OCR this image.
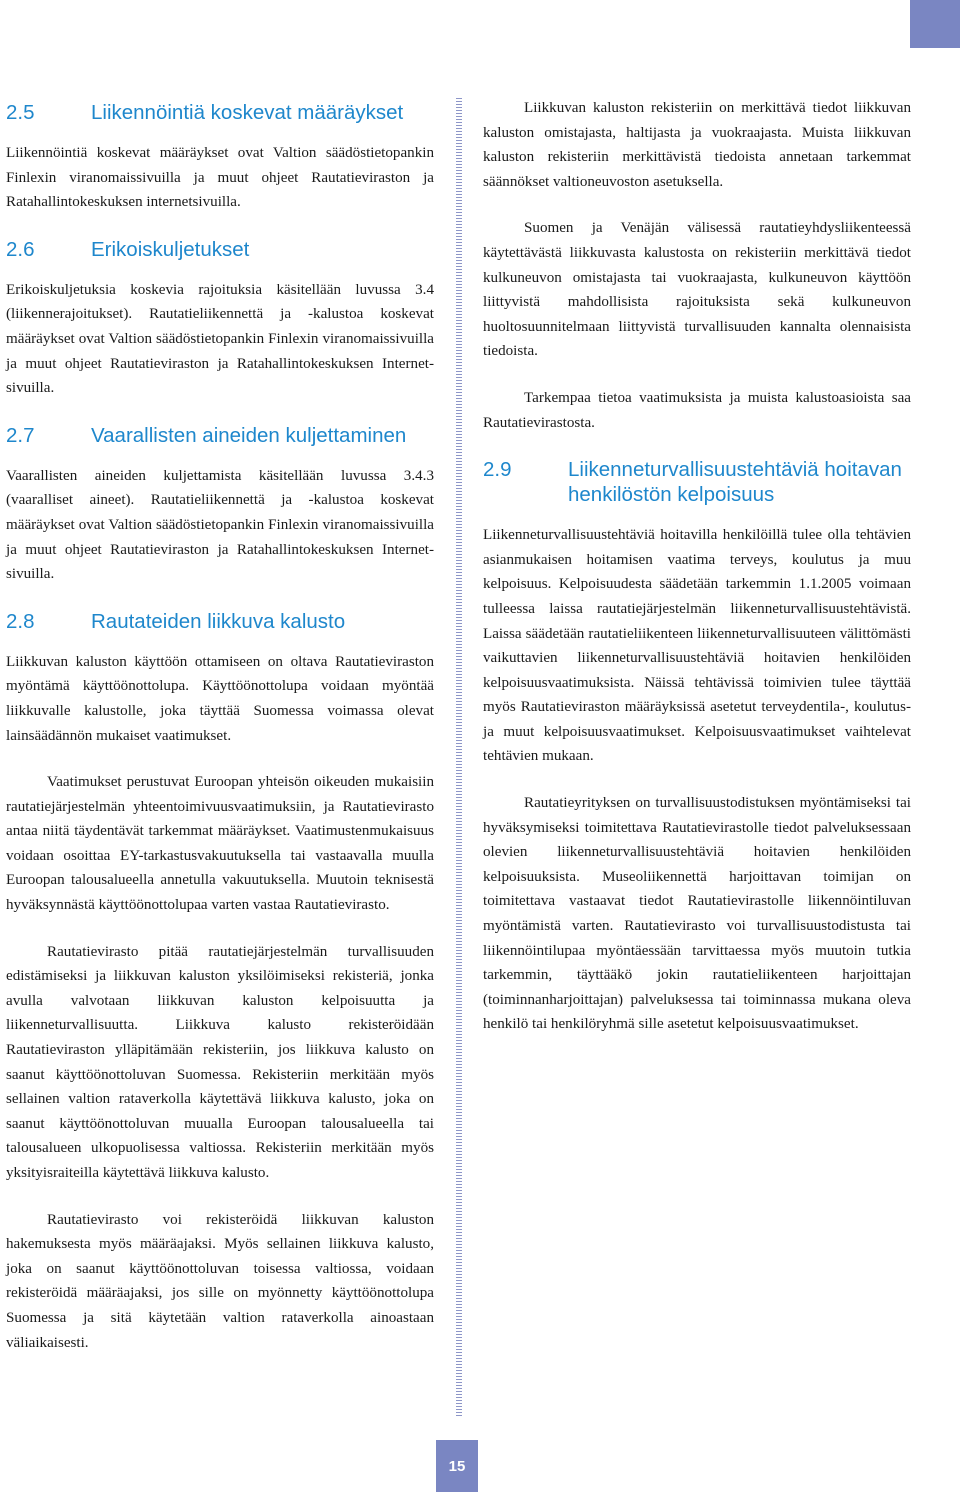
2.5	Liikennöintiä koskevat määräykset

Liikennöintiä koskevat määräykset ovat Valtion säädöstietopankin Finlexin viranomaissivuilla ja muut ohjeet Rautatieviraston ja Ratahallintokeskuksen internetsivuilla.

2.6	Erikoiskuljetukset

Erikoiskuljetuksia koskevia rajoituksia käsitellään luvussa 3.4 (liikennerajoitukset). Rautatieliikennettä ja -kalustoa koskevat määräykset ovat Valtion säädöstietopankin Finlexin viranomaissivuilla ja muut ohjeet Rautatieviraston ja Ratahallintokeskuksen Internet-sivuilla.

2.7	Vaarallisten aineiden kuljettaminen

Vaarallisten aineiden kuljettamista käsitellään luvussa 3.4.3 (vaaralliset aineet). Rautatieliikennettä ja -kalustoa koskevat määräykset ovat Valtion säädöstietopankin Finlexin viranomaissivuilla ja muut ohjeet Rautatieviraston ja Ratahallintokeskuksen Internet-sivuilla.

2.8	Rautateiden liikkuva kalusto

Liikkuvan kaluston käyttöön ottamiseen on oltava Rautatieviraston myöntämä käyttöönottolupa. Käyttöönottolupa voidaan myöntää liikkuvalle kalustolle, joka täyttää Suomessa voimassa olevat lainsäädännön mukaiset vaatimukset.

Vaatimukset perustuvat Euroopan yhteisön oikeuden mukaisiin rautatiejärjestelmän yhteentoimivuusvaatimuksiin, ja Rautatievirasto antaa niitä täydentävät tarkemmat määräykset. Vaatimustenmukaisuus voidaan osoittaa EY-tarkastusvakuutuksella tai vastaavalla muulla Euroopan talousalueella annetulla vakuutuksella. Muutoin teknisestä hyväksynnästä käyttöönottolupaa varten vastaa Rautatievirasto.

Rautatievirasto pitää rautatiejärjestelmän turvallisuuden edistämiseksi ja liikkuvan kaluston yksilöimiseksi rekisteriä, jonka avulla valvotaan liikkuvan kaluston kelpoisuutta ja liikenneturvallisuutta. Liikkuva kalusto rekisteröidään Rautatieviraston ylläpitämään rekisteriin, jos liikkuva kalusto on saanut käyttöönottoluvan Suomessa. Rekisteriin merkitään myös sellainen valtion rataverkolla käytettävä liikkuva kalusto, joka on saanut käyttöönottoluvan muualla Euroopan talousalueella tai talousalueen ulkopuolisessa valtiossa. Rekisteriin merkitään myös yksityisraiteilla käytettävä liikkuva kalusto.

Rautatievirasto voi rekisteröidä liikkuvan kaluston hakemuksesta myös määräajaksi. Myös sellainen liikkuva kalusto, joka on saanut käyttöönottoluvan toisessa valtiossa, voidaan rekisteröidä määräajaksi, jos sille on myönnetty käyttöönottolupa Suomessa ja sitä käytetään valtion rataverkolla ainoastaan väliaikaisesti.

Liikkuvan kaluston rekisteriin on merkittävä tiedot liikkuvan kaluston omistajasta, haltijasta ja vuokraajasta. Muista liikkuvan kaluston rekisteriin merkittävistä tiedoista annetaan tarkemmat säännökset valtioneuvoston asetuksella.

Suomen ja Venäjän välisessä rautatieyhdysliikenteessä käytettävästä liikkuvasta kalustosta on rekisteriin merkittävä tiedot kulkuneuvon omistajasta tai vuokraajasta, kulkuneuvon käyttöön liittyvistä mahdollisista rajoituksista sekä kulkuneuvon huoltosuunnitelmaan liittyvistä turvallisuuden kannalta olennaisista tiedoista.

Tarkempaa tietoa vaatimuksista ja muista kalustoasioista saa Rautatievirastosta.

2.9	Liikenneturvallisuustehtäviä hoitavan henkilöstön kelpoisuus

Liikenneturvallisuustehtäviä hoitavilla henkilöillä tulee olla tehtävien asianmukaisen hoitamisen vaatima terveys, koulutus ja muu kelpoisuus. Kelpoisuudesta säädetään tarkemmin 1.1.2005 voimaan tulleessa laissa rautatiejärjestelmän liikenneturvallisuustehtävistä. Laissa säädetään rautatieliikenteen liikenneturvallisuuteen välittömästi vaikuttavien liikenneturvallisuustehtäviä hoitavien henkilöiden kelpoisuusvaatimuksista. Näissä tehtävissä toimivien tulee täyttää myös Rautatieviraston määräyksissä asetetut terveydentila-, koulutus- ja muut kelpoisuusvaatimukset. Kelpoisuusvaatimukset vaihtelevat tehtävien mukaan.

Rautatieyrityksen on turvallisuustodistuksen myöntämiseksi tai hyväksymiseksi toimitettava Rautatievirastolle tiedot palveluksessaan olevien liikenneturvallisuustehtäviä hoitavien henkilöiden kelpoisuuksista. Museoliikennettä harjoittavan toimijan on toimitettava vastaavat tiedot Rautatievirastolle liikennöintiluvan myöntämistä varten. Rautatievirasto voi turvallisuustodistusta tai liikennöintilupaa myöntäessään tarvittaessa myös muutoin tutkia tarkemmin, täyttääkö jokin rautatieliikenteen harjoittajan (toiminnanharjoittajan) palveluksessa tai toiminnassa mukana oleva henkilö tai henkilöryhmä sille asetetut kelpoisuusvaatimukset.

15
